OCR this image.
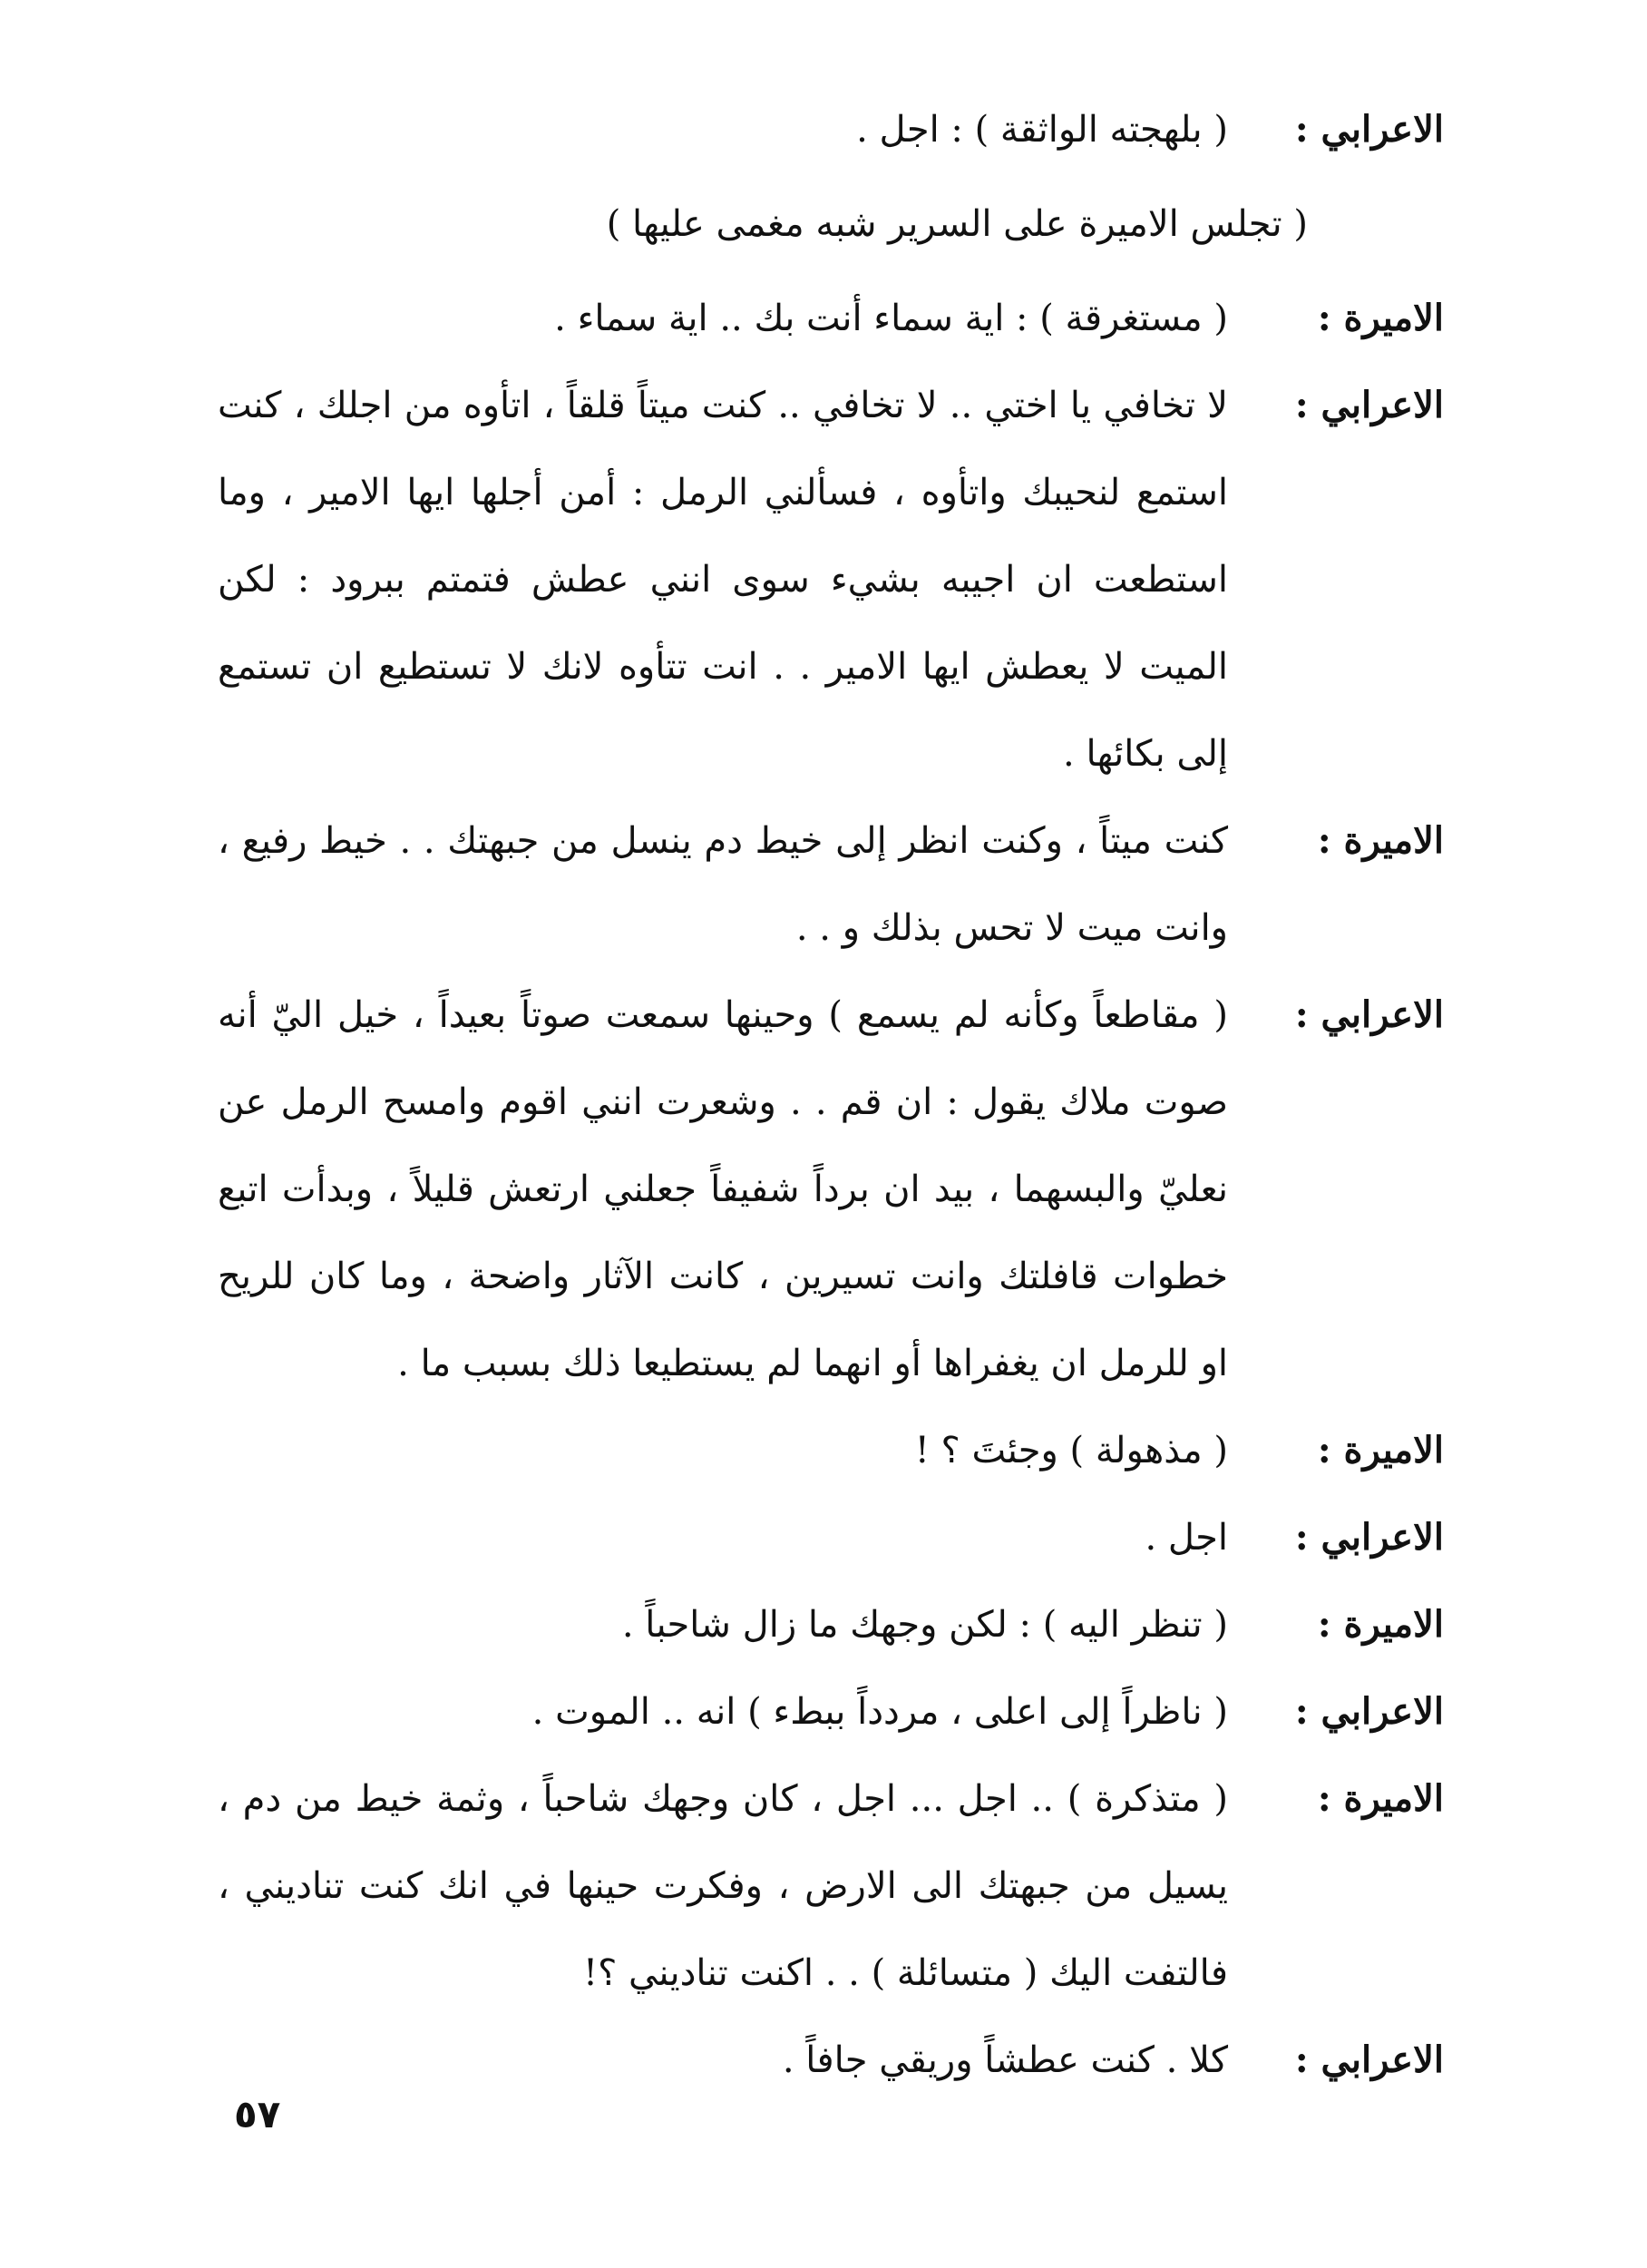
الاعرابي :
( بلهجته الواثقة ) : اجل .
( تجلس الاميرة على السرير شبه مغمى عليها )
الاميرة :
( مستغرقة ) : اية سماء أنت بك .. اية سماء .
الاعرابي :
لا تخافي يا اختي .. لا تخافي .. كنت ميتاً قلقاً ، اتأوه من اجلك ، كنت استمع لنحيبك واتأوه ، فسألني الرمل : أمن أجلها ايها الامير ، وما استطعت ان اجيبه بشيء سوى انني عطش فتمتم ببرود : لكن الميت لا يعطش ايها الامير . . انت تتأوه لانك لا تستطيع ان تستمع إلى بكائها .
الاميرة :
كنت ميتاً ، وكنت انظر إلى خيط دم ينسل من جبهتك . . خيط رفيع ، وانت ميت لا تحس بذلك و . .
الاعرابي :
( مقاطعاً وكأنه لم يسمع ) وحينها سمعت صوتاً بعيداً ، خيل اليّ أنه صوت ملاك يقول : ان قم . . وشعرت انني اقوم وامسح الرمل عن نعليّ والبسهما ، بيد ان برداً شفيفاً جعلني ارتعش قليلاً ، وبدأت اتبع خطوات قافلتك وانت تسيرين ، كانت الآثار واضحة ، وما كان للريح او للرمل ان يغفراها أو انهما لم يستطيعا ذلك بسبب ما .
الاميرة :
( مذهولة ) وجئتَ ؟ !
الاعرابي :
اجل .
الاميرة :
( تنظر اليه ) : لكن وجهك ما زال شاحباً .
الاعرابي :
( ناظراً إلى اعلى ، مردداً ببطء ) انه .. الموت .
الاميرة :
( متذكرة ) .. اجل ... اجل ، كان وجهك شاحباً ، وثمة خيط من دم ، يسيل من جبهتك الى الارض ، وفكرت حينها في انك كنت تناديني ، فالتفت اليك ( متسائلة ) . . اكنت تناديني ؟!
الاعرابي :
كلا . كنت عطشاً وريقي جافاً .
٥٧
